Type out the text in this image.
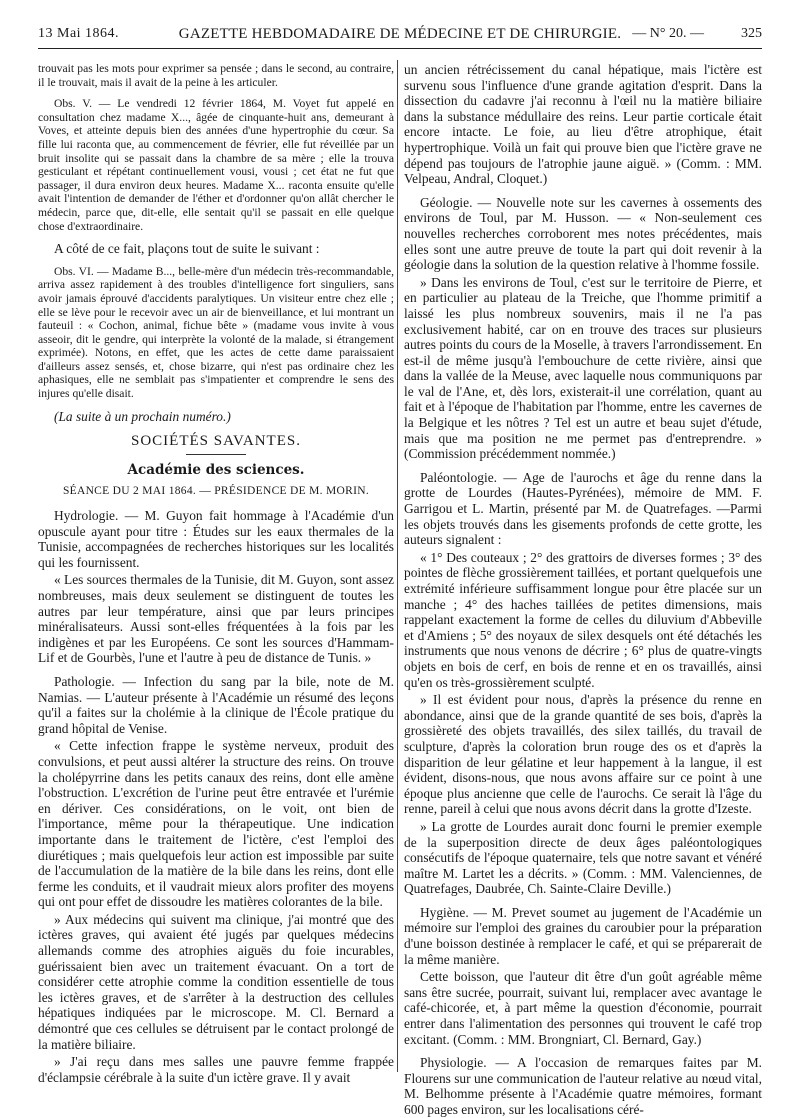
13 Mai 1864.	GAZETTE HEBDOMADAIRE DE MÉDECINE ET DE CHIRURGIE. — N° 20. —	325

trouvait pas les mots pour exprimer sa pensée ; dans le second, au contraire, il le trouvait, mais il avait de la peine à les articuler.

Obs. V. — Le vendredi 12 février 1864, M. Voyet fut appelé en consultation chez madame X..., âgée de cinquante-huit ans, demeurant à Voves, et atteinte depuis bien des années d'une hypertrophie du cœur. Sa fille lui raconta que, au commencement de février, elle fut réveillée par un bruit insolite qui se passait dans la chambre de sa mère ; elle la trouva gesticulant et répétant continuellement vousi, vousi ; cet état ne fut que passager, il dura environ deux heures. Madame X... raconta ensuite qu'elle avait l'intention de demander de l'éther et d'ordonner qu'on allât chercher le médecin, parce que, dit-elle, elle sentait qu'il se passait en elle quelque chose d'extraordinaire.

A côté de ce fait, plaçons tout de suite le suivant :

Obs. VI. — Madame B..., belle-mère d'un médecin très-recommandable, arriva assez rapidement à des troubles d'intelligence fort singuliers, sans avoir jamais éprouvé d'accidents paralytiques. Un visiteur entre chez elle ; elle se lève pour le recevoir avec un air de bienveillance, et lui montrant un fauteuil : « Cochon, animal, fichue bête » (madame vous invite à vous asseoir, dit le gendre, qui interprète la volonté de la malade, si étrangement exprimée). Notons, en effet, que les actes de cette dame paraissaient d'ailleurs assez sensés, et, chose bizarre, qui n'est pas ordinaire chez les aphasiques, elle ne semblait pas s'impatienter et comprendre le sens des injures qu'elle disait.

(La suite à un prochain numéro.)

SOCIÉTÉS SAVANTES.
Académie des sciences.
SÉANCE DU 2 MAI 1864. — PRÉSIDENCE DE M. MORIN.

Hydrologie. — M. Guyon fait hommage à l'Académie d'un opuscule ayant pour titre : Études sur les eaux thermales de la Tunisie, accompagnées de recherches historiques sur les localités qui les fournissent.

« Les sources thermales de la Tunisie, dit M. Guyon, sont assez nombreuses, mais deux seulement se distinguent de toutes les autres par leur température, ainsi que par leurs principes minéralisateurs. Aussi sont-elles fréquentées à la fois par les indigènes et par les Européens. Ce sont les sources d'Hammam-Lif et de Gourbès, l'une et l'autre à peu de distance de Tunis. »

Pathologie. — Infection du sang par la bile, note de M. Namias. — L'auteur présente à l'Académie un résumé des leçons qu'il a faites sur la cholémie à la clinique de l'École pratique du grand hôpital de Venise.

« Cette infection frappe le système nerveux, produit des convulsions, et peut aussi altérer la structure des reins. On trouve la cholépyrrine dans les petits canaux des reins, dont elle amène l'obstruction. L'excrétion de l'urine peut être entravée et l'urémie en dériver. Ces considérations, on le voit, ont bien de l'importance, même pour la thérapeutique. Une indication importante dans le traitement de l'ictère, c'est l'emploi des diurétiques ; mais quelquefois leur action est impossible par suite de l'accumulation de la matière de la bile dans les reins, dont elle ferme les conduits, et il vaudrait mieux alors profiter des moyens qui ont pour effet de dissoudre les matières colorantes de la bile.

» Aux médecins qui suivent ma clinique, j'ai montré que des ictères graves, qui avaient été jugés par quelques médecins allemands comme des atrophies aiguës du foie incurables, guérissaient bien avec un traitement évacuant. On a tort de considérer cette atrophie comme la condition essentielle de tous les ictères graves, et de s'arrêter à la destruction des cellules hépatiques indiquées par le microscope. M. Cl. Bernard a démontré que ces cellules se détruisent par le contact prolongé de la matière biliaire.

» J'ai reçu dans mes salles une pauvre femme frappée d'éclampsie cérébrale à la suite d'un ictère grave. Il y avait

un ancien rétrécissement du canal hépatique, mais l'ictère est survenu sous l'influence d'une grande agitation d'esprit. Dans la dissection du cadavre j'ai reconnu à l'œil nu la matière biliaire dans la substance médullaire des reins. Leur partie corticale était encore intacte. Le foie, au lieu d'être atrophique, était hypertrophique. Voilà un fait qui prouve bien que l'ictère grave ne dépend pas toujours de l'atrophie jaune aiguë. » (Comm. : MM. Velpeau, Andral, Cloquet.)

Géologie. — Nouvelle note sur les cavernes à ossements des environs de Toul, par M. Husson. — « Non-seulement ces nouvelles recherches corroborent mes notes précédentes, mais elles sont une autre preuve de toute la part qui doit revenir à la géologie dans la solution de la question relative à l'homme fossile.

» Dans les environs de Toul, c'est sur le territoire de Pierre, et en particulier au plateau de la Treiche, que l'homme primitif a laissé les plus nombreux souvenirs, mais il ne l'a pas exclusivement habité, car on en trouve des traces sur plusieurs autres points du cours de la Moselle, à travers l'arrondissement. En est-il de même jusqu'à l'embouchure de cette rivière, ainsi que dans la vallée de la Meuse, avec laquelle nous communiquons par le val de l'Ane, et, dès lors, existerait-il une corrélation, quant au fait et à l'époque de l'habitation par l'homme, entre les cavernes de la Belgique et les nôtres ? Tel est un autre et beau sujet d'étude, mais que ma position ne me permet pas d'entreprendre. » (Commission précédemment nommée.)

Paléontologie. — Age de l'aurochs et âge du renne dans la grotte de Lourdes (Hautes-Pyrénées), mémoire de MM. F. Garrigou et L. Martin, présenté par M. de Quatrefages. —Parmi les objets trouvés dans les gisements profonds de cette grotte, les auteurs signalent :

« 1° Des couteaux ; 2° des grattoirs de diverses formes ; 3° des pointes de flèche grossièrement taillées, et portant quelquefois une extrémité inférieure suffisamment longue pour être placée sur un manche ; 4° des haches taillées de petites dimensions, mais rappelant exactement la forme de celles du diluvium d'Abbeville et d'Amiens ; 5° des noyaux de silex desquels ont été détachés les instruments que nous venons de décrire ; 6° plus de quatre-vingts objets en bois de cerf, en bois de renne et en os travaillés, ainsi qu'en os très-grossièrement sculpté.

» Il est évident pour nous, d'après la présence du renne en abondance, ainsi que de la grande quantité de ses bois, d'après la grossièreté des objets travaillés, des silex taillés, du travail de sculpture, d'après la coloration brun rouge des os et d'après la disparition de leur gélatine et leur happement à la langue, il est évident, disons-nous, que nous avons affaire sur ce point à une époque plus ancienne que celle de l'aurochs. Ce serait là l'âge du renne, pareil à celui que nous avons décrit dans la grotte d'Izeste.

» La grotte de Lourdes aurait donc fourni le premier exemple de la superposition directe de deux âges paléontologiques consécutifs de l'époque quaternaire, tels que notre savant et vénéré maître M. Lartet les a décrits. » (Comm. : MM. Valenciennes, de Quatrefages, Daubrée, Ch. Sainte-Claire Deville.)

Hygiène. — M. Prevet soumet au jugement de l'Académie un mémoire sur l'emploi des graines du caroubier pour la préparation d'une boisson destinée à remplacer le café, et qui se préparerait de la même manière.

Cette boisson, que l'auteur dit être d'un goût agréable même sans être sucrée, pourrait, suivant lui, remplacer avec avantage le café-chicorée, et, à part même la question d'économie, pourrait entrer dans l'alimentation des personnes qui trouvent le café trop excitant. (Comm. : MM. Brongniart, Cl. Bernard, Gay.)

Physiologie. — A l'occasion de remarques faites par M. Flourens sur une communication de l'auteur relative au nœud vital, M. Belhomme présente à l'Académie quatre mémoires, formant 600 pages environ, sur les localisations céré-
